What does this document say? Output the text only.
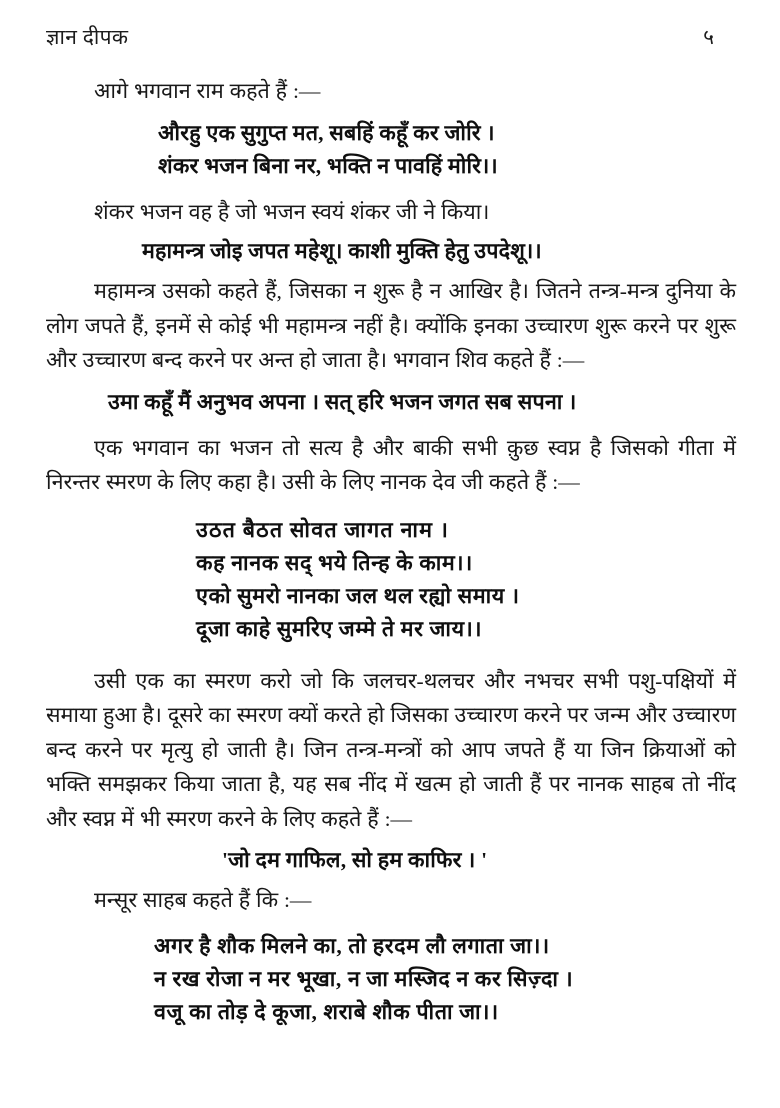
ज्ञान दीपक	५

आगे भगवान राम कहते हैं :—

औरहु एक सुगुप्त मत, सबहिं कहूँ कर जोरि ।
शंकर भजन बिना नर, भक्ति न पावहिं मोरि।।

शंकर भजन वह है जो भजन स्वयं शंकर जी ने किया।

महामन्त्र जोइ जपत महेशू। काशी मुक्ति हेतु उपदेशू।।

महामन्त्र उसको कहते हैं, जिसका न शुरू है न आखिर है। जितने तन्त्र-मन्त्र दुनिया के लोग जपते हैं, इनमें से कोई भी महामन्त्र नहीं है। क्योंकि इनका उच्चारण शुरू करने पर शुरू और उच्चारण बन्द करने पर अन्त हो जाता है। भगवान शिव कहते हैं :—

उमा कहूँ मैं अनुभव अपना । सत् हरि भजन जगत सब सपना ।

एक भगवान का भजन तो सत्य है और बाकी सभी क़ुछ स्वप्न है जिसको गीता में निरन्तर स्मरण के लिए कहा है। उसी के लिए नानक देव जी कहते हैं :—

उठत बैठत सोवत जागत नाम ।
कह नानक सद् भये तिन्ह के काम।।
एको सुमरो नानका जल थल रह्यो समाय ।
दूजा काहे सुमरिए जम्मे ते मर जाय।।

उसी एक का स्मरण करो जो कि जलचर-थलचर और नभचर सभी पशु-पक्षियों में समाया हुआ है। दूसरे का स्मरण क्यों करते हो जिसका उच्चारण करने पर जन्म और उच्चारण बन्द करने पर मृत्यु हो जाती है। जिन तन्त्र-मन्त्रों को आप जपते हैं या जिन क्रियाओं को भक्ति समझकर किया जाता है, यह सब नींद में खत्म हो जाती हैं पर नानक साहब तो नींद और स्वप्न में भी स्मरण करने के लिए कहते हैं :—

'जो दम गाफिल, सो हम काफिर । '

मन्सूर साहब कहते हैं कि :—

अगर है शौक मिलने का, तो हरदम लौ लगाता जा।।
न रख रोजा न मर भूखा, न जा मस्जिद न कर सिज़्दा ।
वजू का तोड़ दे कूजा, शराबे शौक पीता जा।।
